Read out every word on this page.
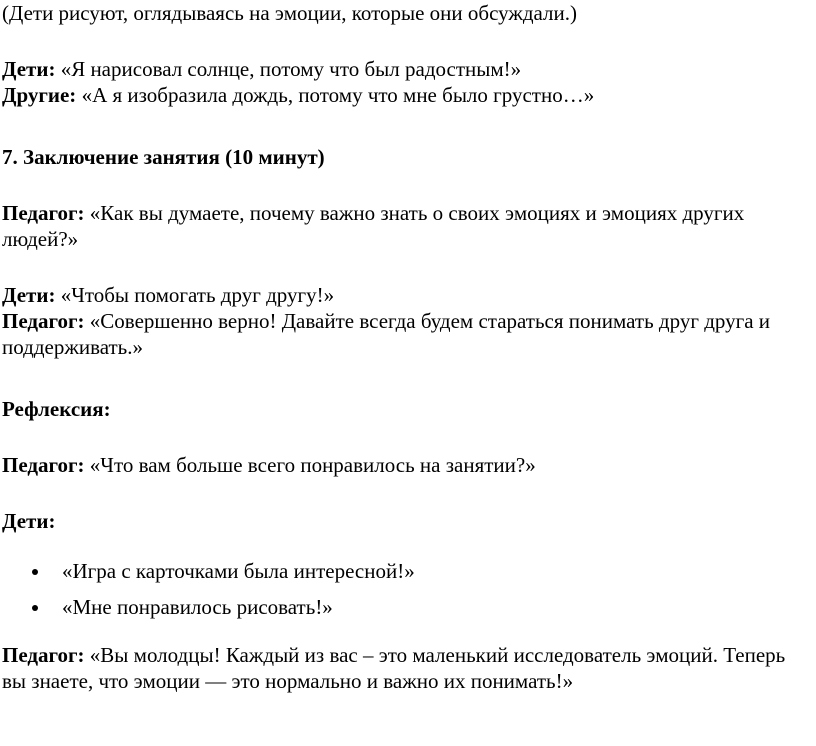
(Дети рисуют, оглядываясь на эмоции, которые они обсуждали.)

Дети: «Я нарисовал солнце, потому что был радостным!»

Другие: «А я изобразила дождь, потому что мне было грустно…»

7. Заключение занятия (10 минут)

Педагог: «Как вы думаете, почему важно знать о своих эмоциях и эмоциях других людей?»

Дети: «Чтобы помогать друг другу!»

Педагог: «Совершенно верно! Давайте всегда будем стараться понимать друг друга и поддерживать.»

Рефлексия:

Педагог: «Что вам больше всего понравилось на занятии?»

Дети:

«Игра с карточками была интересной!»
«Мне понравилось рисовать!»

Педагог: «Вы молодцы! Каждый из вас – это маленький исследователь эмоций. Теперь вы знаете, что эмоции — это нормально и важно их понимать!»
